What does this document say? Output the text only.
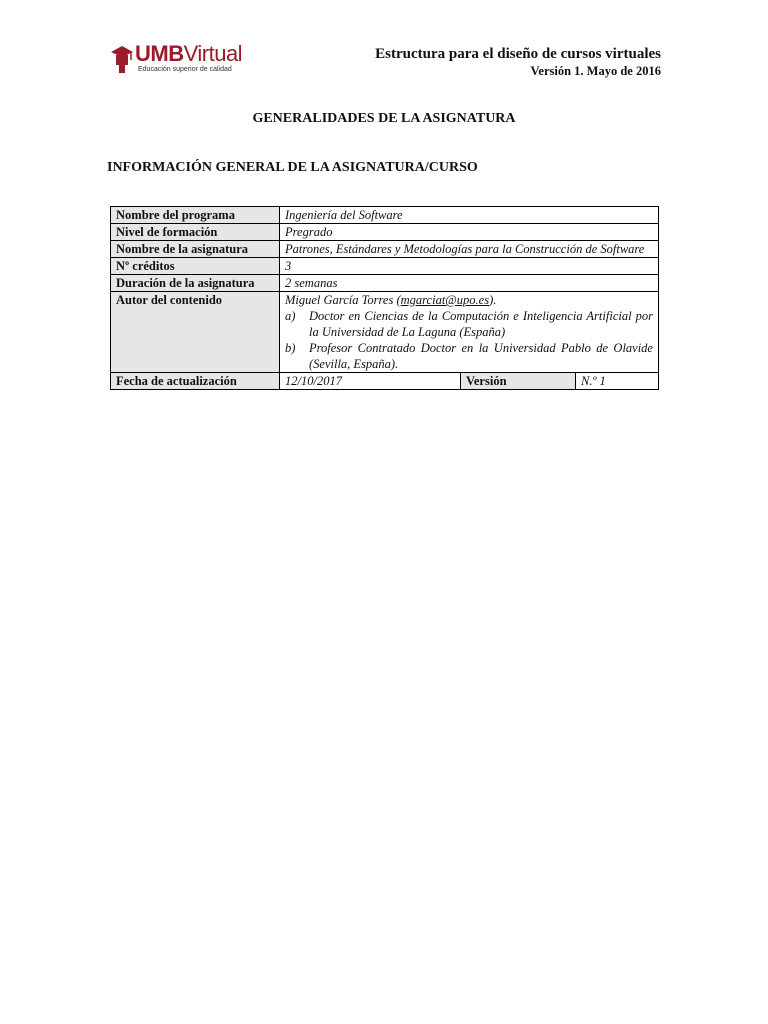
UMBVirtual
Educación superior de calidad
Estructura para el diseño de cursos virtuales
Versión 1. Mayo de 2016
GENERALIDADES DE LA ASIGNATURA
INFORMACIÓN GENERAL DE LA ASIGNATURA/CURSO
Nombre del programa	Ingeniería del Software		
Nivel de formación	Pregrado		
Nombre de la asignatura	Patrones, Estándares y Metodologías para la Construcción de Software		
Nº créditos	3		
Duración de la asignatura	2 semanas		
Autor del contenido	Miguel García Torres (mgarciat@upo.es).
a) Doctor en Ciencias de la Computación e Inteligencia Artificial por la Universidad de La Laguna (España)
b) Profesor Contratado Doctor en la Universidad Pablo de Olavide (Sevilla, España).		

Fecha de actualización	12/10/2017	Versión	N.º 1
